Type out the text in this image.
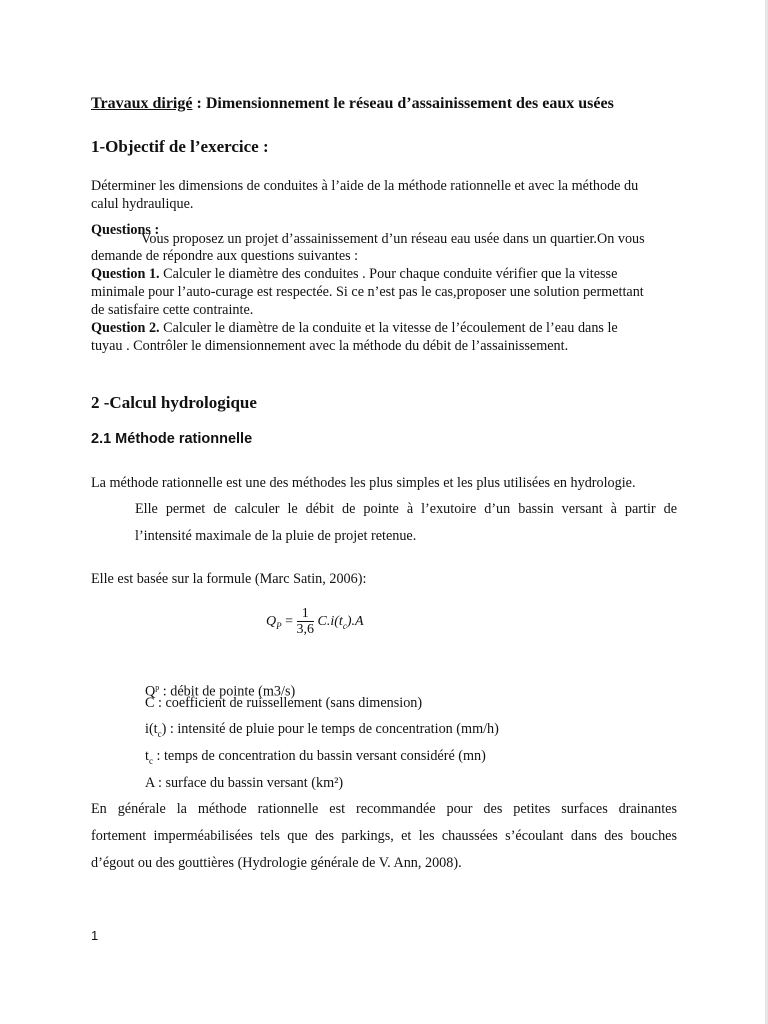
Travaux dirigé : Dimensionnement le réseau d’assainissement des eaux usées
1-Objectif de l’exercice :
Déterminer les dimensions de conduites à l’aide de la méthode rationnelle et avec la méthode du
calul hydraulique.
Questions :
Vous proposez un projet d’assainissement d’un réseau eau usée dans un quartier.On vous
demande de répondre aux questions suivantes :
Question 1. Calculer le diamètre des conduites . Pour chaque conduite vérifier que la vitesse
minimale pour l’auto-curage est respectée. Si ce n’est pas le cas,proposer une solution permettant
de satisfaire cette contrainte.
Question 2. Calculer le diamètre de la conduite et la vitesse de l’écoulement de l’eau dans le
tuyau . Contrôler le dimensionnement avec la méthode du débit de l’assainissement.
2 -Calcul hydrologique
2.1 Méthode rationnelle
La méthode rationnelle est une des méthodes les plus simples et les plus utilisées en hydrologie.
Elle permet de calculer le débit de pointe à l’exutoire d’un bassin versant à partir de
l’intensité maximale de la pluie de projet retenue.
Elle est basée sur la formule (Marc Satin, 2006):
$Q_P = \frac{1}{3,6} C.i(t_c).A$
$Q^p$ : débit de pointe (m3/s)
C : coefficient de ruissellement (sans dimension)
$i(t_c)$ : intensité de pluie pour le temps de concentration (mm/h)
$t_c$ : temps de concentration du bassin versant considéré (mn)
A : surface du bassin versant (km²)
En générale la méthode rationnelle est recommandée pour des petites surfaces drainantes
fortement imperméabilisées tels que des parkings, et les chaussées s’écoulant dans des bouches
d’égout ou des gouttières (Hydrologie générale de V. Ann, 2008).
1
